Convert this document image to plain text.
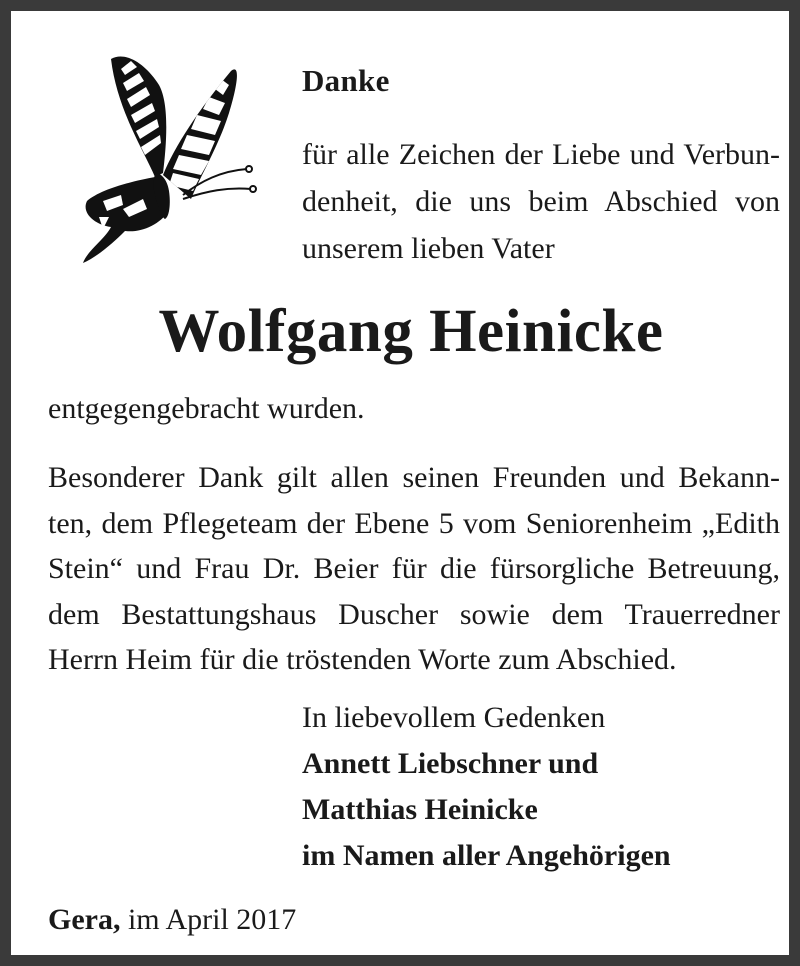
Danke
für alle Zeichen der Liebe und Verbun-denheit, die uns beim Abschied von unserem lieben Vater
Wolfgang Heinicke
entgegengebracht wurden.
Besonderer Dank gilt allen seinen Freunden und Bekann-ten, dem Pflegeteam der Ebene 5 vom Seniorenheim „Edith Stein“ und Frau Dr. Beier für die fürsorgliche Betreuung, dem Bestattungshaus Duscher sowie dem Trauerredner Herrn Heim für die tröstenden Worte zum Abschied.
In liebevollem Gedenken
Annett Liebschner und
Matthias Heinicke
im Namen aller Angehörigen
Gera, im April 2017
